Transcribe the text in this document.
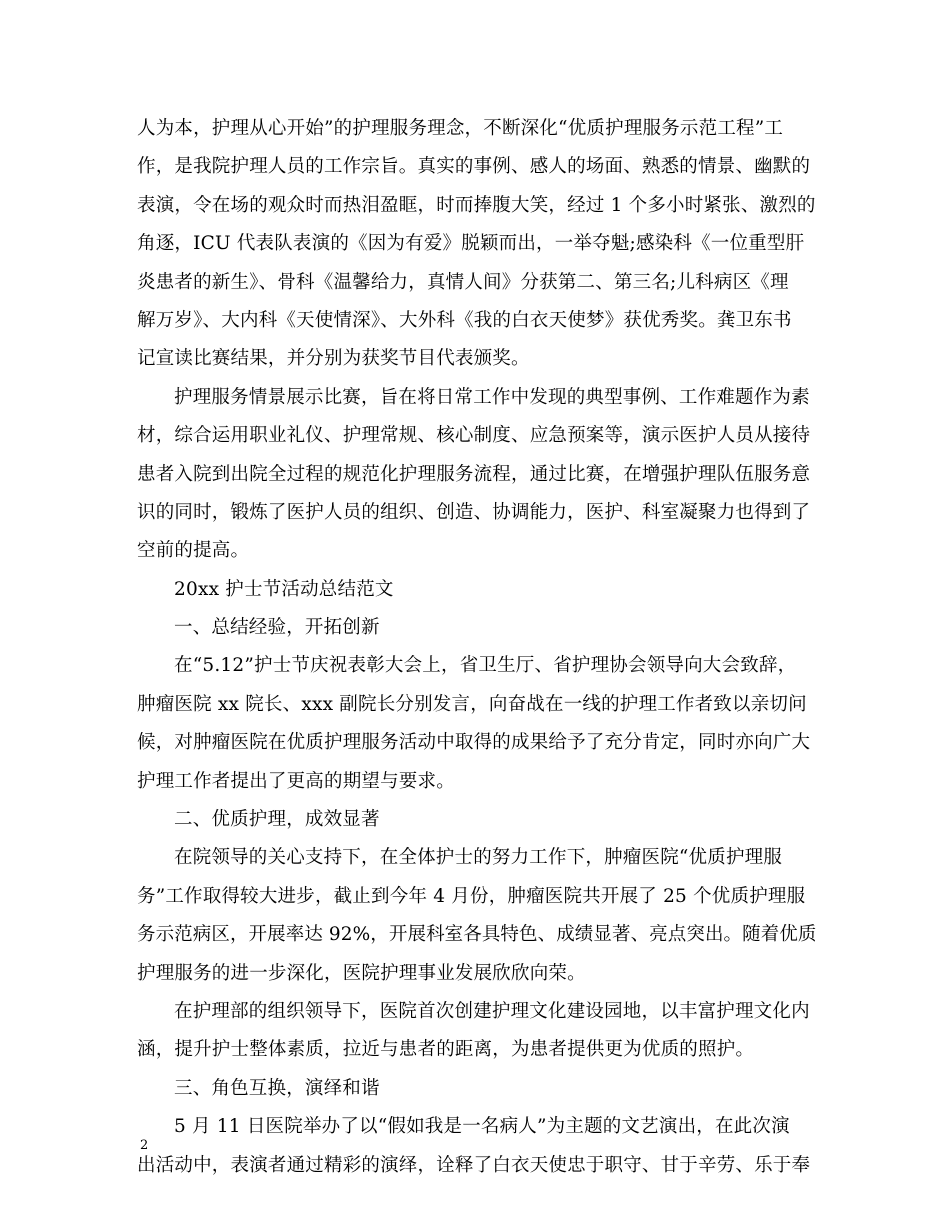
人为本，护理从心开始”的护理服务理念，不断深化“优质护理服务示范工程”工
作，是我院护理人员的工作宗旨。真实的事例、感人的场面、熟悉的情景、幽默的
表演，令在场的观众时而热泪盈眶，时而捧腹大笑，经过 1 个多小时紧张、激烈的
角逐，ICU 代表队表演的《因为有爱》脱颖而出，一举夺魁;感染科《一位重型肝
炎患者的新生》、骨科《温馨给力，真情人间》分获第二、第三名;儿科病区《理
解万岁》、大内科《天使情深》、大外科《我的白衣天使梦》获优秀奖。龚卫东书
记宣读比赛结果，并分别为获奖节目代表颁奖。
护理服务情景展示比赛，旨在将日常工作中发现的典型事例、工作难题作为素
材，综合运用职业礼仪、护理常规、核心制度、应急预案等，演示医护人员从接待
患者入院到出院全过程的规范化护理服务流程，通过比赛，在增强护理队伍服务意
识的同时，锻炼了医护人员的组织、创造、协调能力，医护、科室凝聚力也得到了
空前的提高。
20xx 护士节活动总结范文
一、总结经验，开拓创新
在“5.12”护士节庆祝表彰大会上，省卫生厅、省护理协会领导向大会致辞，
肿瘤医院 xx 院长、xxx 副院长分别发言，向奋战在一线的护理工作者致以亲切问
候，对肿瘤医院在优质护理服务活动中取得的成果给予了充分肯定，同时亦向广大
护理工作者提出了更高的期望与要求。
二、优质护理，成效显著
在院领导的关心支持下，在全体护士的努力工作下，肿瘤医院“优质护理服
务”工作取得较大进步，截止到今年 4 月份，肿瘤医院共开展了 25 个优质护理服
务示范病区，开展率达 92%，开展科室各具特色、成绩显著、亮点突出。随着优质
护理服务的进一步深化，医院护理事业发展欣欣向荣。
在护理部的组织领导下，医院首次创建护理文化建设园地，以丰富护理文化内
涵，提升护士整体素质，拉近与患者的距离，为患者提供更为优质的照护。
三、角色互换，演绎和谐
5 月 11 日医院举办了以“假如我是一名病人”为主题的文艺演出，在此次演
出活动中，表演者通过精彩的演绎，诠释了白衣天使忠于职守、甘于辛劳、乐于奉
2
